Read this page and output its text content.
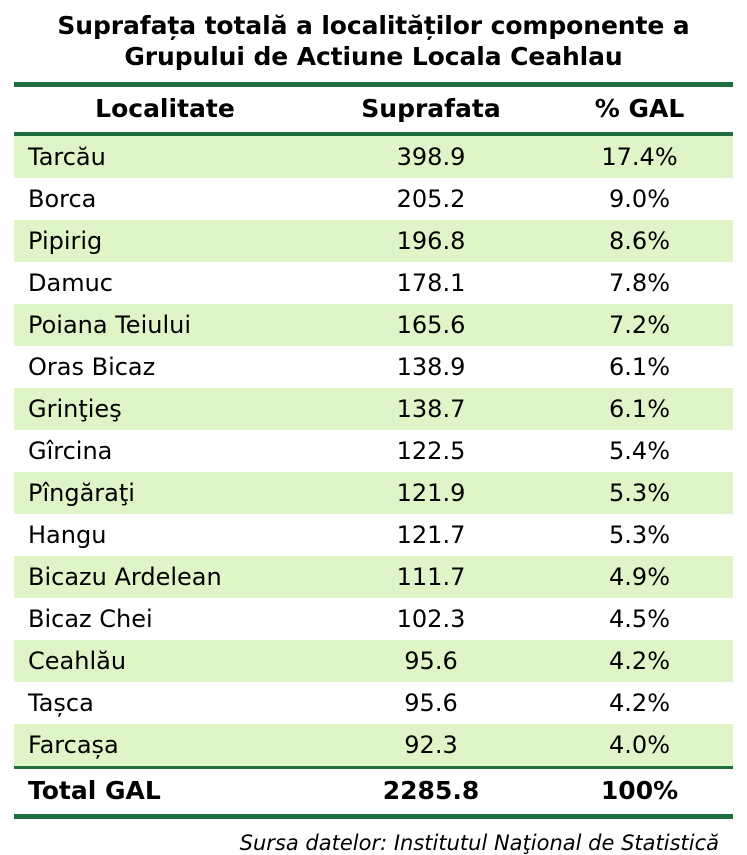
Suprafața totală a localităților componente a
Grupului de Actiune Locala Ceahlau
Localitate	Suprafata	% GAL
Tarcău	398.9	17.4%
Borca	205.2	9.0%
Pipirig	196.8	8.6%
Damuc	178.1	7.8%
Poiana Teiului	165.6	7.2%
Oras Bicaz	138.9	6.1%
Grinţieş	138.7	6.1%
Gîrcina	122.5	5.4%
Pîngăraţi	121.9	5.3%
Hangu	121.7	5.3%
Bicazu Ardelean	111.7	4.9%
Bicaz Chei	102.3	4.5%
Ceahlău	95.6	4.2%
Tașca	95.6	4.2%
Farcașa	92.3	4.0%
Total GAL	2285.8	100%
Sursa datelor: Institutul Naţional de Statistică
